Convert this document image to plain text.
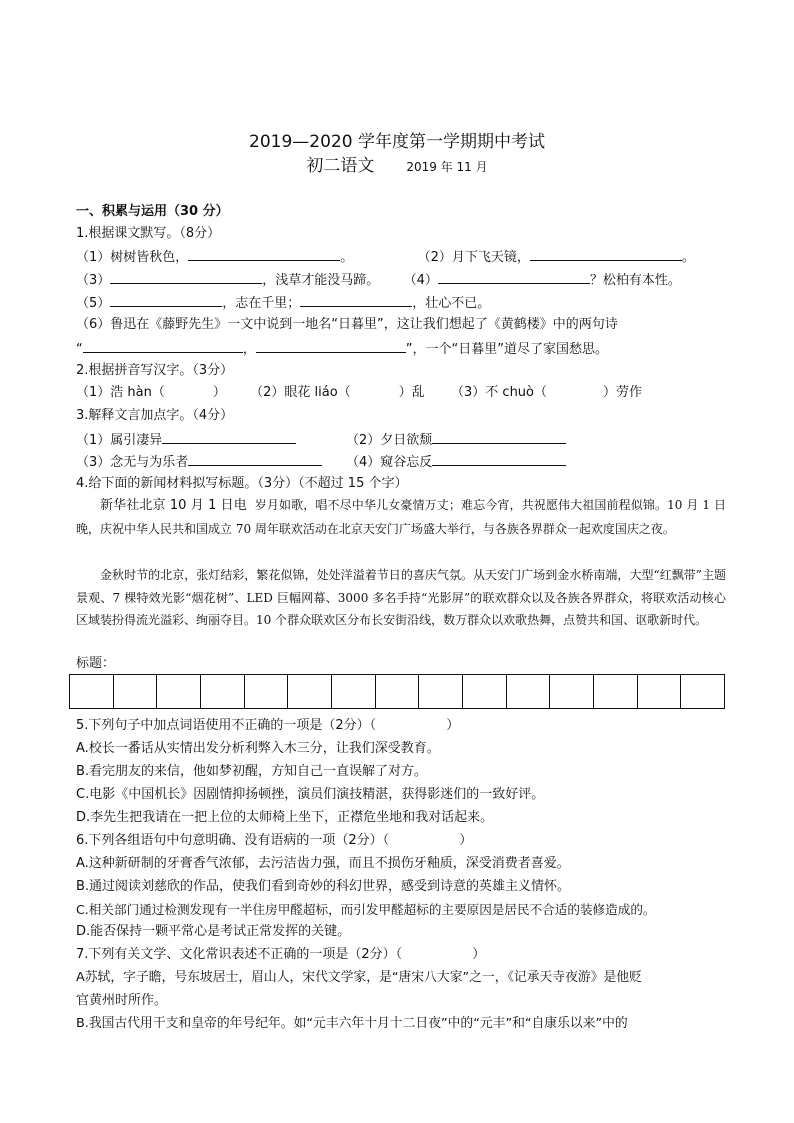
2019—2020 学年度第一学期期中考试
初二语文	2019 年 11 月
一、积累与运用（30 分）
1.根据课文默写。（8分）
（1）树树皆秋色，	。	（2）月下飞天镜，	。
（3）	，浅草才能没马蹄。 （4）	？松柏有本性。
（5）	，志在千里；	，壮心不已。
（6）鲁迅在《藤野先生》一文中说到一地名“日暮里”，这让我们想起了《黄鹤楼》中的两句诗
“	，	”，一个“日暮里”道尽了家国愁思。
2.根据拼音写汉字。（3分）
（1）浩 hàn（	） （2）眼花 liáo（	）乱 （3）不 chuò（	）劳作
3.解释文言加点字。（4分）
（1）属引凄异	（2）夕日欲颓
（3）念无与为乐者	（4）窥谷忘反
4.给下面的新闻材料拟写标题。（3分）（不超过 15 个字）
新华社北京 10 月 1 日电 岁月如歌，唱不尽中华儿女豪情万丈；难忘今宵，共祝愿伟大祖国前程似锦。10 月 1 日晚，庆祝中华人民共和国成立 70 周年联欢活动在北京天安门广场盛大举行，与各族各界群众一起欢度国庆之夜。
金秋时节的北京，张灯结彩，繁花似锦，处处洋溢着节日的喜庆气氛。从天安门广场到金水桥南端，大型“红飘带”主题景观、7 棵特效光影“烟花树”、LED 巨幅网幕、3000 多名手持“光影屏”的联欢群众以及各族各界群众，将联欢活动核心区域装扮得流光溢彩、绚丽夺目。10 个群众联欢区分布长安街沿线，数万群众以欢歌热舞，点赞共和国、讴歌新时代。
标题：
5.下列句子中加点词语使用不正确的一项是（2分）（	）
A.校长一番话从实情出发分析利弊入木三分，让我们深受教育。
B.看完朋友的来信，他如梦初醒，方知自己一直误解了对方。
C.电影《中国机长》因剧情抑扬顿挫，演员们演技精湛，获得影迷们的一致好评。
D.李先生把我请在一把上位的太师椅上坐下，正襟危坐地和我对话起来。
6.下列各组语句中句意明确、没有语病的一项（2分）（	）
A.这种新研制的牙膏香气浓郁，去污洁齿力强，而且不损伤牙釉质，深受消费者喜爱。
B.通过阅读刘慈欣的作品，使我们看到奇妙的科幻世界，感受到诗意的英雄主义情怀。
C.相关部门通过检测发现有一半住房甲醛超标，而引发甲醛超标的主要原因是居民不合适的装修造成的。
D.能否保持一颗平常心是考试正常发挥的关键。
7.下列有关文学、文化常识表述不正确的一项是（2分）（	）
A苏轼，字子瞻，号东坡居士，眉山人，宋代文学家，是“唐宋八大家”之一，《记承天寺夜游》是他贬
官黄州时所作。
B.我国古代用干支和皇帝的年号纪年。如“元丰六年十月十二日夜”中的“元丰”和“自康乐以来”中的
